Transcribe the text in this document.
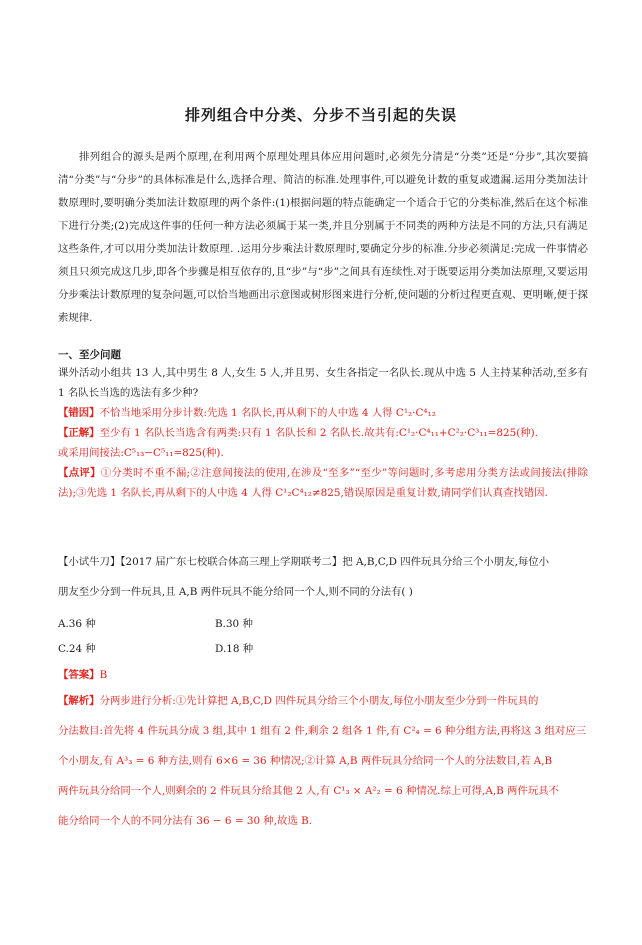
排列组合中分类、分步不当引起的失误
排列组合的源头是两个原理,在利用两个原理处理具体应用问题时,必须先分清是“分类”还是“分步”,其次要搞清“分类”与“分步”的具体标准是什么,选择合理、简洁的标准.处理事件,可以避免计数的重复或遗漏.运用分类加法计数原理时,要明确分类加法计数原理的两个条件:(1)根据问题的特点能确定一个适合于它的分类标准,然后在这个标准下进行分类;(2)完成这件事的任何一种方法必须属于某一类,并且分别属于不同类的两种方法是不同的方法,只有满足这些条件,才可以用分类加法计数原理. .运用分步乘法计数原理时,要确定分步的标准.分步必须满足:完成一件事情必须且只须完成这几步,即各个步骤是相互依存的,且“步”与“步”之间具有连续性.对于既要运用分类加法原理,又要运用分步乘法计数原理的复杂问题,可以恰当地画出示意图或树形图来进行分析,使问题的分析过程更直观、更明晰,便于探索规律.
一、至少问题
课外活动小组共 13 人,其中男生 8 人,女生 5 人,并且男、女生各指定一名队长.现从中选 5 人主持某种活动,至多有 1 名队长当选的选法有多少种?
【错因】不恰当地采用分步计数:先选 1 名队长,再从剩下的人中选 4 人得 C¹₂·C⁴₁₂
【正解】至少有 1 名队长当选含有两类:只有 1 名队长和 2 名队长.故共有:C¹₂·C⁴₁₁+C²₂·C³₁₁=825(种).
或采用间接法:C⁵₁₃−C⁵₁₁=825(种).
【点评】①分类时不重不漏;②注意间接法的使用,在涉及“至多”“至少”等问题时,多考虑用分类方法或间接法(排除法);③先选 1 名队长,再从剩下的人中选 4 人得 C¹₂C⁴₁₂≠825,错误原因是重复计数,请同学们认真查找错因.
【小试牛刀】【2017 届广东七校联合体高三理上学期联考二】把 A,B,C,D 四件玩具分给三个小朋友,每位小
朋友至少分到一件玩具,且 A,B 两件玩具不能分给同一个人,则不同的分法有( )
A.36 种	B.30 种
C.24 种	D.18 种
【答案】B
【解析】分两步进行分析:①先计算把 A,B,C,D 四件玩具分给三个小朋友,每位小朋友至少分到一件玩具的
分法数目:首先将 4 件玩具分成 3 组,其中 1 组有 2 件,剩余 2 组各 1 件,有 C²₄ = 6 种分组方法,再将这 3 组对应三
个小朋友,有 A³₃ = 6 种方法,则有 6×6 = 36 种情况;②计算 A,B 两件玩具分给同一个人的分法数目,若 A,B
两件玩具分给同一个人,则剩余的 2 件玩具分给其他 2 人,有 C¹₃ × A²₂ = 6 种情况.综上可得,A,B 两件玩具不
能分给同一个人的不同分法有 36 − 6 = 30 种,故选 B.
